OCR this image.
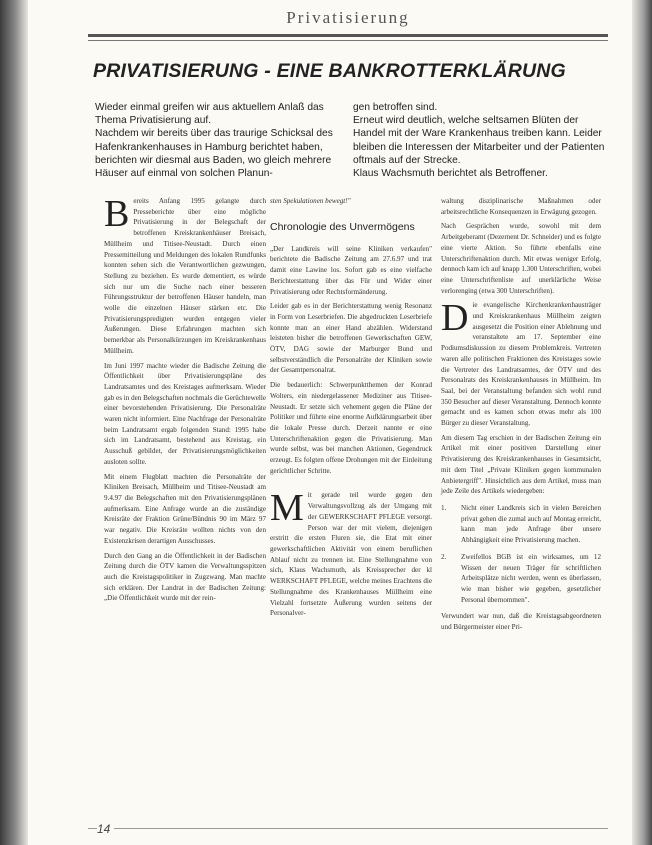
Privatisierung
PRIVATISIERUNG - EINE BANKROTTERKLÄRUNG

Wieder einmal greifen wir aus aktuellem Anlaß das Thema Privatisierung auf.

Nachdem wir bereits über das traurige Schicksal des Hafenkrankenhauses in Hamburg berichtet haben, berichten wir diesmal aus Baden, wo gleich mehrere Häuser auf einmal von solchen Planun-

gen betroffen sind.

Erneut wird deutlich, welche seltsamen Blüten der Handel mit der Ware Krankenhaus treiben kann. Leider bleiben die Interessen der Mitarbeiter und der Patienten oftmals auf der Strecke.

Klaus Wachsmuth berichtet als Betroffener.

Bereits Anfang 1995 gelangte durch Presseberichte über eine mögliche Privatisierung in der Belegschaft der betroffenen Kreiskrankenhäuser Breisach, Müllheim und Titisee-Neustadt. Durch einen Pressemitteilung und Meldungen des lokalen Rundfunks konnten sehen sich die Verantwortlichen gezwungen, Stellung zu beziehen. Es wurde dementiert, es würde sich nur um die Suche nach einer besseren Führungsstruktur der betroffenen Häuser handeln, man wolle die einzelnen Häuser stärken etc. Die Privatisierungspredigten wurden entgegen vieler Äußerungen. Diese Erfahrungen machten sich bemerkbar als Personalkürzungen im Kreiskrankenhaus Müllheim.

Im Juni 1997 machte wieder die Badische Zeitung die Öffentlichkeit über Privatisierungspläne des Landratsamtes und des Kreistages aufmerksam. Wieder gab es in den Belegschaften nochmals die Gerüchtewelle einer bevorstehenden Privatisierung. Die Personalräte waren nicht informiert. Eine Nachfrage der Personalräte beim Landratsamt ergab folgenden Stand: 1995 habe sich im Landratsamt, bestehend aus Kreistag, ein Ausschuß gebildet, der Privatisierungsmöglichkeiten ausloten sollte.

Mit einem Flugblatt machten die Personalräte der Kliniken Breisach, Müllheim und Titisee-Neustadt am 9.4.97 die Belegschaften mit den Privatisierungsplänen aufmerksam. Eine Anfrage wurde an die zuständige Kreisräte der Fraktion Grüne/Bündnis 90 im März 97 war negativ. Die Kreisräte wollten nichts von den Existenzkrisen derartigen Ausschusses.

Durch den Gang an die Öffentlichkeit in der Badischen Zeitung durch die ÖTV kamen die Verwaltungsspitzen auch die Kreistagspolitiker in Zugzwang. Man machte sich erklären. Der Landrat in der Badischen Zeitung: „Die Öffentlichkeit wurde mit der rein-

sten Spekulationen bewegt!"

Chronologie des Unvermögens

„Der Landkreis will seine Kliniken verkaufen" berichtete die Badische Zeitung am 27.6.97 und trat damit eine Lawine los. Sofort gab es eine vielfache Berichterstattung über das Für und Wider einer Privatisierung oder Rechtsformänderung.

Leider gab es in der Berichterstattung wenig Resonanz in Form von Leserbriefen. Die abgedruckten Leserbriefe konnte man an einer Hand abzählen. Widerstand leisteten bisher die betroffenen Gewerkschaften GEW, ÖTV, DAG sowie der Marburger Bund und selbstverständlich die Personalräte der Kliniken sowie der Gesamtpersonalrat.

Die bedauerlich: Schwerpunktthemen der Konrad Wolters, ein niedergelassener Mediziner aus Titisee-Neustadt. Er setzte sich vehement gegen die Pläne der Politiker und führte eine enorme Aufklärungsarbeit über die lokale Presse durch. Derzeit nannte er eine Unterschriftenaktion gegen die Privatisierung. Man wurde selbst, was bei manchen Aktionen, Gegendruck erzeugt. Es folgten offene Drohungen mit der Einleitung gerichtlicher Schritte.

Mit gerade teil wurde gegen den Verwaltungsvollzug als der Umgang mit der GEWERKSCHAFT PFLEGE versorgt. Person war der mit vielem, diejenigen erstritt die ersten Fluren sie, die Etat mit einer gewerkschaftlichen Aktivität von einem beruflichen Ablauf nicht zu trennen ist. Eine Stellungnahme von sich, Klaus Wachsmuth, als Kreissprecher der kl WERKSCHAFT PFLEGE, welche meines Erachtens die Stellungnahme des Krankenhauses Müllheim eine Vielzahl fortsetzte Äußerung wurden seitens der Personalver-

waltung disziplinarische Maßnahmen oder arbeitsrechtliche Konsequenzen in Erwägung gezogen.

Nach Gesprächen wurde, sowohl mit dem Arbeitgeberamt (Dezernent Dr. Schneider) und es folgte eine vierte Aktion. So führte ebenfalls eine Unterschriftenaktion durch. Mit etwas weniger Erfolg, dennoch kam ich auf knapp 1.300 Unterschriften, wobei eine Unterschriftenliste auf unerklärliche Weise verlorenging (etwa 300 Unterschriften).

Die evangelische Kirchenkrankenhausträger und Kreiskrankenhaus Müllheim zeigten ausgesetzt die Position einer Ablehnung und veranstaltete am 17. September eine Podiumsdiskussion zu diesem Problemkreis. Vertreten waren alle politischen Fraktionen des Kreistages sowie die Vertreter des Landratsamtes, der ÖTV und des Personalrats des Kreiskrankenhauses in Müllheim. Im Saal, bei der Veranstaltung befanden sich wohl rund 350 Besucher auf dieser Veranstaltung. Dennoch konnte gemacht und es kamen schon etwas mehr als 100 Bürger zu dieser Veranstaltung.

Am diesem Tag erschien in der Badischen Zeitung ein Artikel mit einer positiven Darstellung einer Privatisierung des Kreiskrankenhauses in Gesamtsicht, mit dem Titel „Private Kliniken gegen kommunalen Anbietergriff". Hinsichtlich aus dem Artikel, muss man jede Zeile des Artikels wiedergeben:

1.	Nicht einer Landkreis sich in vielen Bereichen privat gehen die zumal auch auf Montag erreicht, kann man jede Anfrage über unsere Abhängigkeit eine Privatisierung machen.
2.	Zweifellos BGB ist ein wirksames, um 12 Wissen der neuen Träger für schriftlichen Arbeitsplätze nicht werden, wenn es überlassen, wie man bisher wie gegeben, gesetzlicher Personal übernommen".

Verwundert war nun, daß die Kreistagsabgeordneten und Bürgermeister einer Pri-

14
